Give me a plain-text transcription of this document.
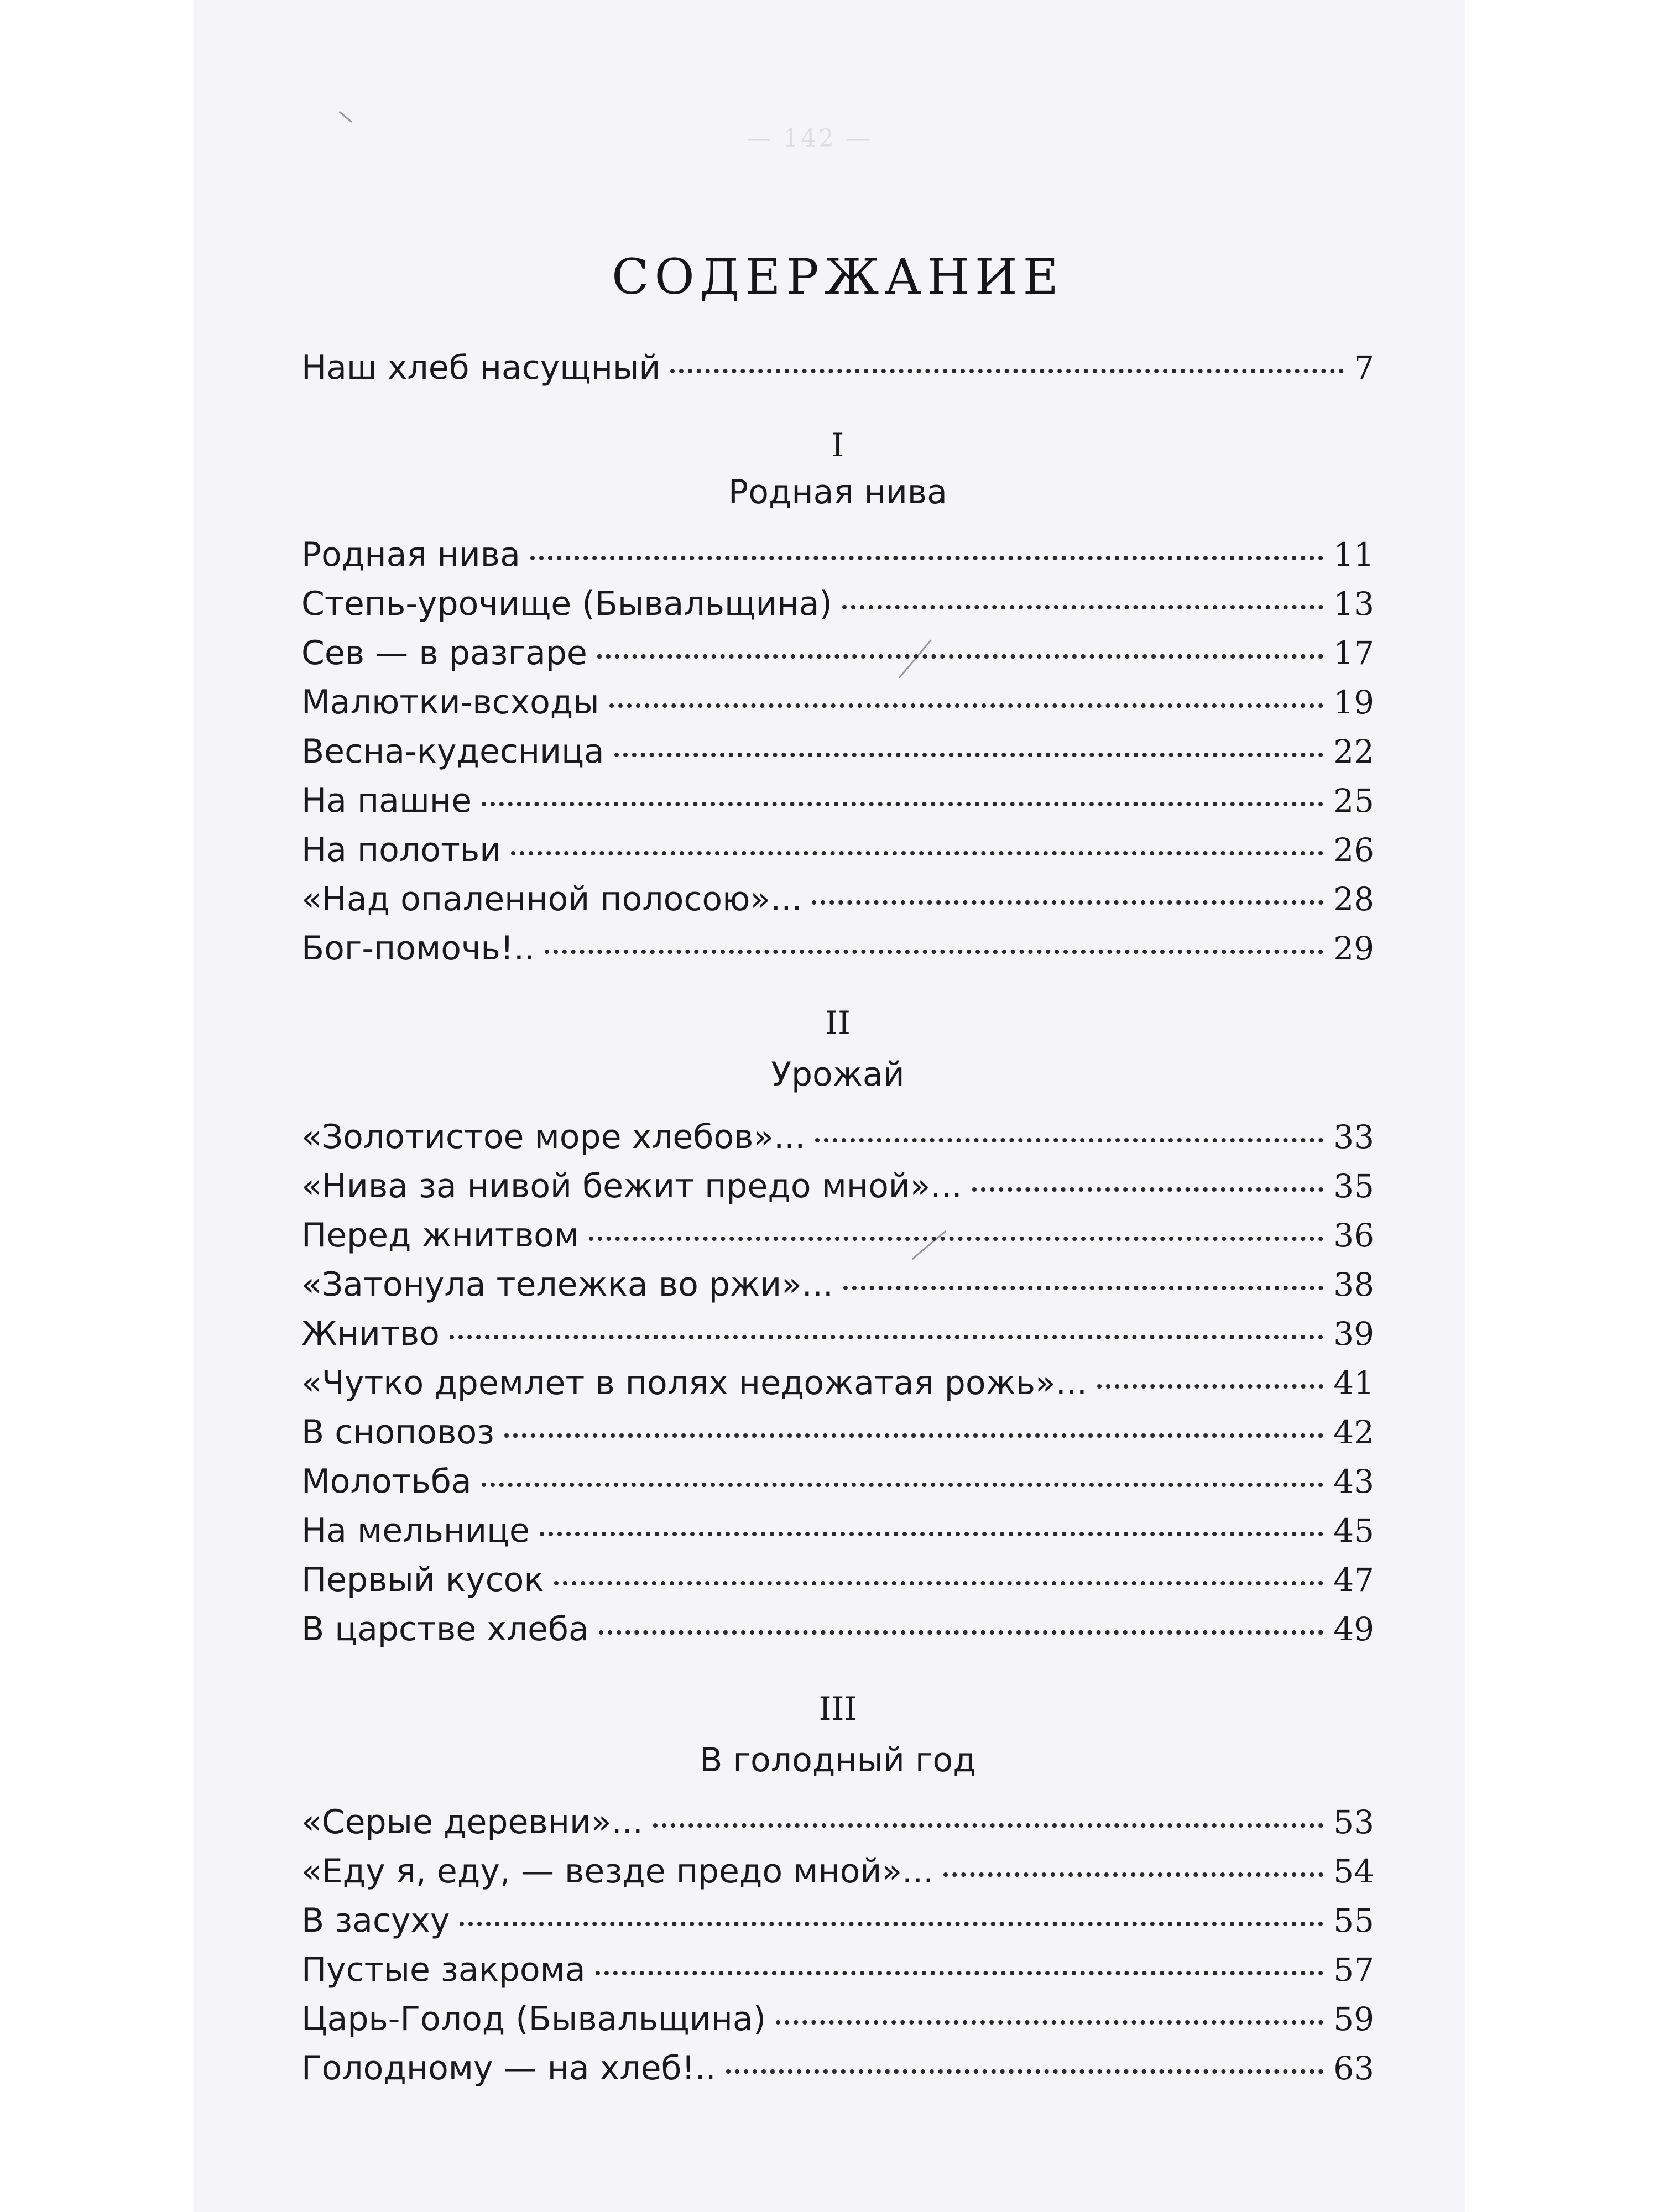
— 142 —
СОДЕРЖАНИЕ
Наш хлеб насущный	7
I
Родная нива
Родная нива	11
Степь-урочище (Бывальщина)	13
Сев — в разгаре	17
Малютки-всходы	19
Весна-кудесница	22
На пашне	25
На полотьи	26
«Над опаленной полосою»...	28
Бог-помочь!..	29
II
Урожай
«Золотистое море хлебов»...	33
«Нива за нивой бежит предо мной»...	35
Перед жнитвом	36
«Затонула тележка во ржи»...	38
Жнитво	39
«Чутко дремлет в полях недожатая рожь»...	41
В сноповоз	42
Молотьба	43
На мельнице	45
Первый кусок	47
В царстве хлеба	49
III
В голодный год
«Серые деревни»...	53
«Еду я, еду, — везде предо мной»...	54
В засуху	55
Пустые закрома	57
Царь-Голод (Бывальщина)	59
Голодному — на хлеб!..	63
